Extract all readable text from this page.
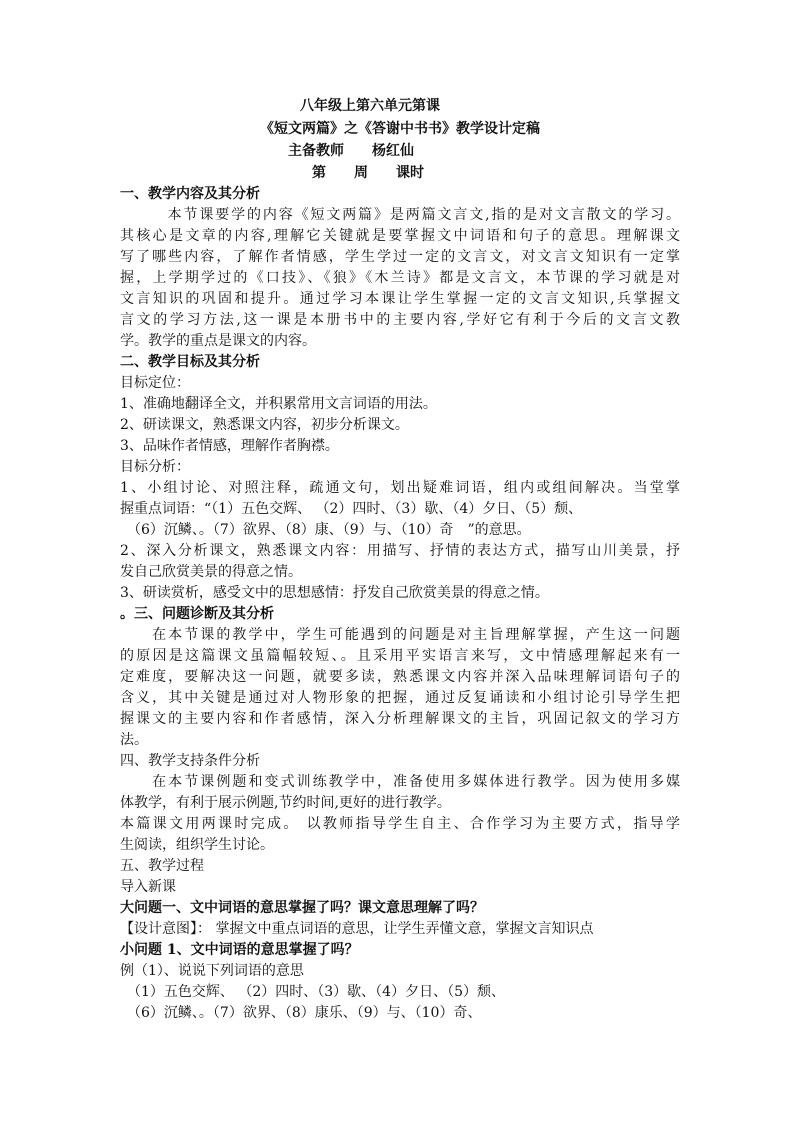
八年级上第六单元第课
《短文两篇》之《答谢中书书》教学设计定稿
主备教师　　杨红仙
第　　周　　课时
一、教学内容及其分析
　　　本节课要学的内容《短文两篇》是两篇文言文,指的是对文言散文的学习。
其核心是文章的内容,理解它关键就是要掌握文中词语和句子的意思。理解课文
写了哪些内容，了解作者情感，学生学过一定的文言文，对文言文知识有一定掌
握，上学期学过的《口技》、《狼》《木兰诗》都是文言文，本节课的学习就是对
文言知识的巩固和提升。通过学习本课让学生掌握一定的文言文知识,兵掌握文
言文的学习方法,这一课是本册书中的主要内容,学好它有利于今后的文言文教
学。教学的重点是课文的内容。
二、教学目标及其分析
目标定位：
1、准确地翻译全文，并积累常用文言词语的用法。
2、研读课文，熟悉课文内容，初步分析课文。
3、品味作者情感，理解作者胸襟。
目标分析：
1、小组讨论、对照注释，疏通文句，划出疑难词语，组内或组间解决。当堂掌
握重点词语：“（1）五色交辉、 （2）四时、（3）歇、（4）夕日、（5）颓、
　（6）沉鳞、。（7）欲界、（8）康、（9）与、（10）奇　”的意思。
2、深入分析课文，熟悉课文内容：用描写、抒情的表达方式，描写山川美景，抒
发自己欣赏美景的得意之情。
3、研读赏析，感受文中的思想感情：抒发自己欣赏美景的得意之情。
。三、问题诊断及其分析
　　在本节课的教学中，学生可能遇到的问题是对主旨理解掌握，产生这一问题
的原因是这篇课文虽篇幅较短、。且采用平实语言来写，文中情感理解起来有一
定难度，要解决这一问题，就要多读，熟悉课文内容并深入品味理解词语句子的
含义，其中关键是通过对人物形象的把握，通过反复诵读和小组讨论引导学生把
握课文的主要内容和作者感情，深入分析理解课文的主旨，巩固记叙文的学习方
法。
四、教学支持条件分析
　　在本节课例题和变式训练教学中，准备使用多媒体进行教学。因为使用多媒
体教学，有利于展示例题,节约时间,更好的进行教学。
本篇课文用两课时完成。 以教师指导学生自主、合作学习为主要方式，指导学
生阅读，组织学生讨论。
五、教学过程
导入新课
大问题一、文中词语的意思掌握了吗？课文意思理解了吗？
【设计意图】： 掌握文中重点词语的意思，让学生弄懂文意，掌握文言知识点
小问题 1、文中词语的意思掌握了吗？
例（1）、说说下列词语的意思
　（1）五色交辉、 （2）四时、（3）歇、（4）夕日、（5）颓、
　（6）沉鳞、。（7）欲界、（8）康乐、（9）与、（10）奇、
